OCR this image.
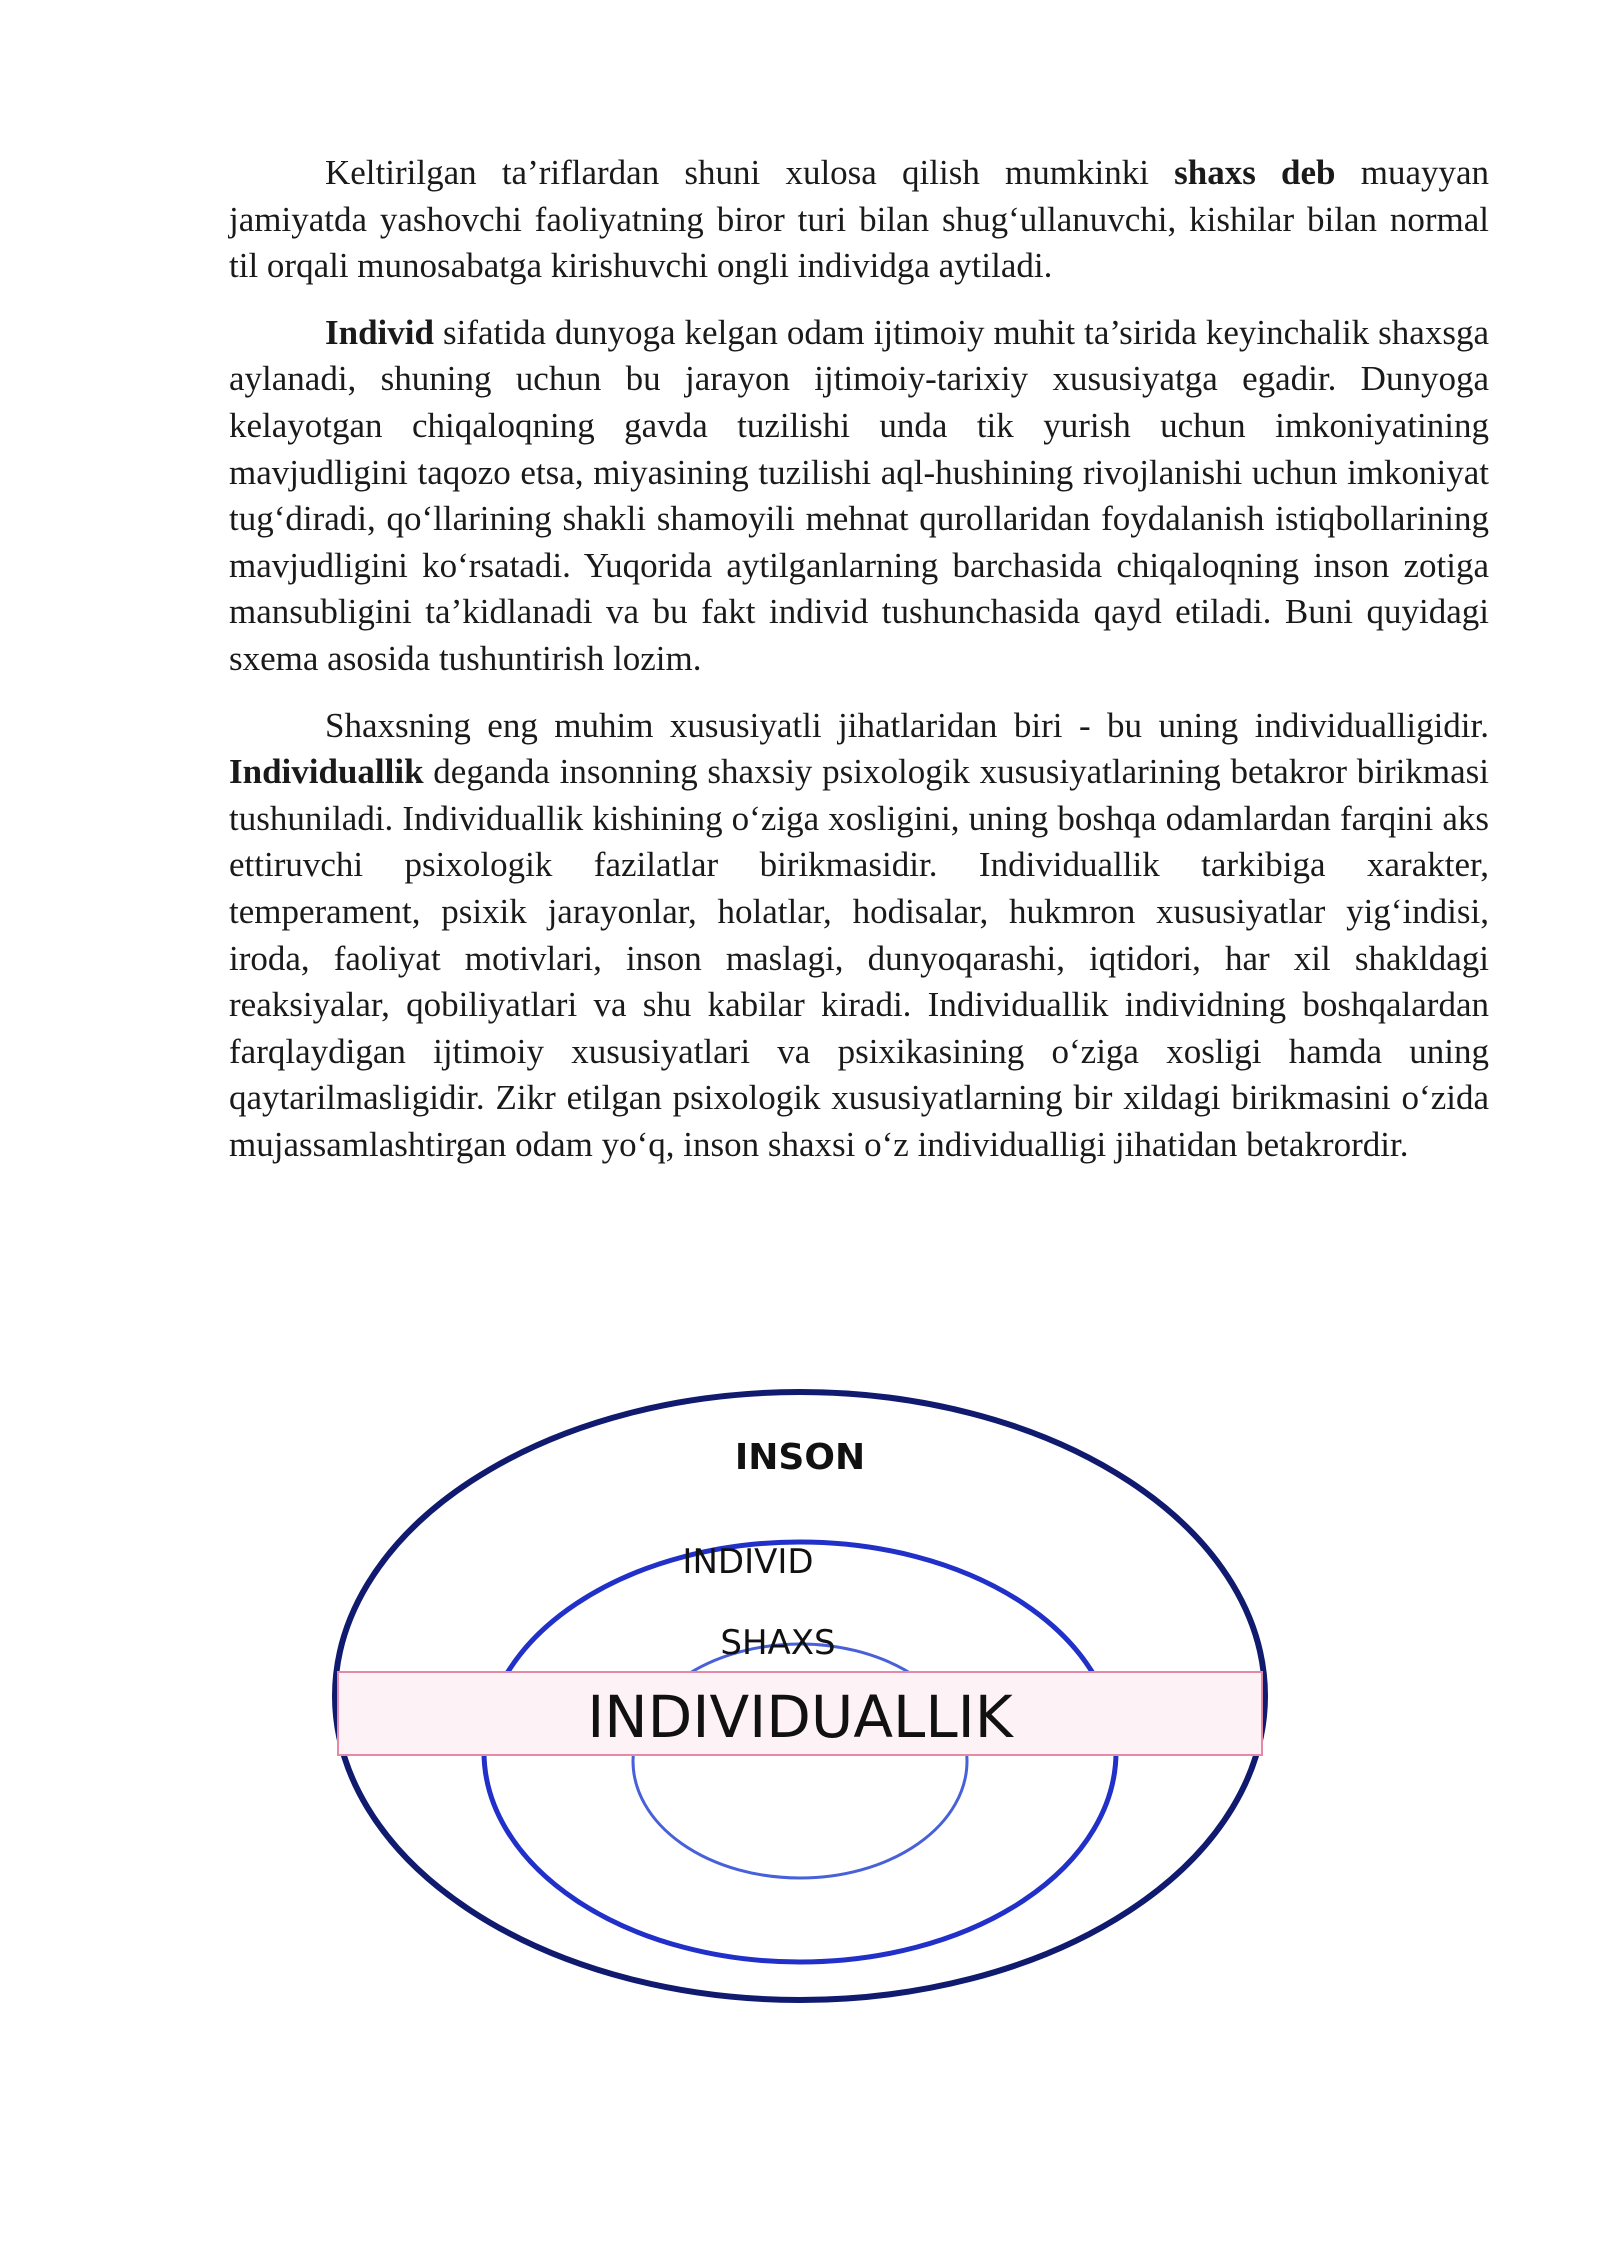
Keltirilgan ta’riflardan shuni xulosa qilish mumkinki shaxs deb muayyan jamiyatda yashovchi faoliyatning biror turi bilan shug‘ullanuvchi, kishilar bilan normal til orqali munosabatga kirishuvchi ongli individga aytiladi.

Individ sifatida dunyoga kelgan odam ijtimoiy muhit ta’sirida keyinchalik shaxsga aylanadi, shuning uchun bu jarayon ijtimoiy-tarixiy xususiyatga egadir. Dunyoga kelayotgan chiqaloqning gavda tuzilishi unda tik yurish uchun imkoniyatining mavjudligini taqozo etsa, miyasining tuzilishi aql-hushining rivojlanishi uchun imkoniyat tug‘diradi, qo‘llarining shakli shamoyili mehnat qurollaridan foydalanish istiqbollarining mavjudligini ko‘rsatadi. Yuqorida aytilganlarning barchasida chiqaloqning inson zotiga mansubligini ta’kidlanadi va bu fakt individ tushunchasida qayd etiladi. Buni quyidagi sxema asosida tushuntirish lozim.

Shaxsning eng muhim xususiyatli jihatlaridan biri - bu uning individualligidir. Individuallik deganda insonning shaxsiy psixologik xususiyatlarining betakror birikmasi tushuniladi. Individuallik kishining o‘ziga xosligini, uning boshqa odamlardan farqini aks ettiruvchi psixologik fazilatlar birikmasidir. Individuallik tarkibiga xarakter, temperament, psixik jarayonlar, holatlar, hodisalar, hukmron xususiyatlar yig‘indisi, iroda, faoliyat motivlari, inson maslagi, dunyoqarashi, iqtidori, har xil shakldagi reaksiyalar, qobiliyatlari va shu kabilar kiradi. Individuallik individning boshqalardan farqlaydigan ijtimoiy xususiyatlari va psixikasining o‘ziga xosligi hamda uning qaytarilmasligidir. Zikr etilgan psixologik xususiyatlarning bir xildagi birikmasini o‘zida mujassamlashtirgan odam yo‘q, inson shaxsi o‘z individualligi jihatidan betakrordir.

INSON
INDIVID
SHAXS
INDIVIDUALLIK
